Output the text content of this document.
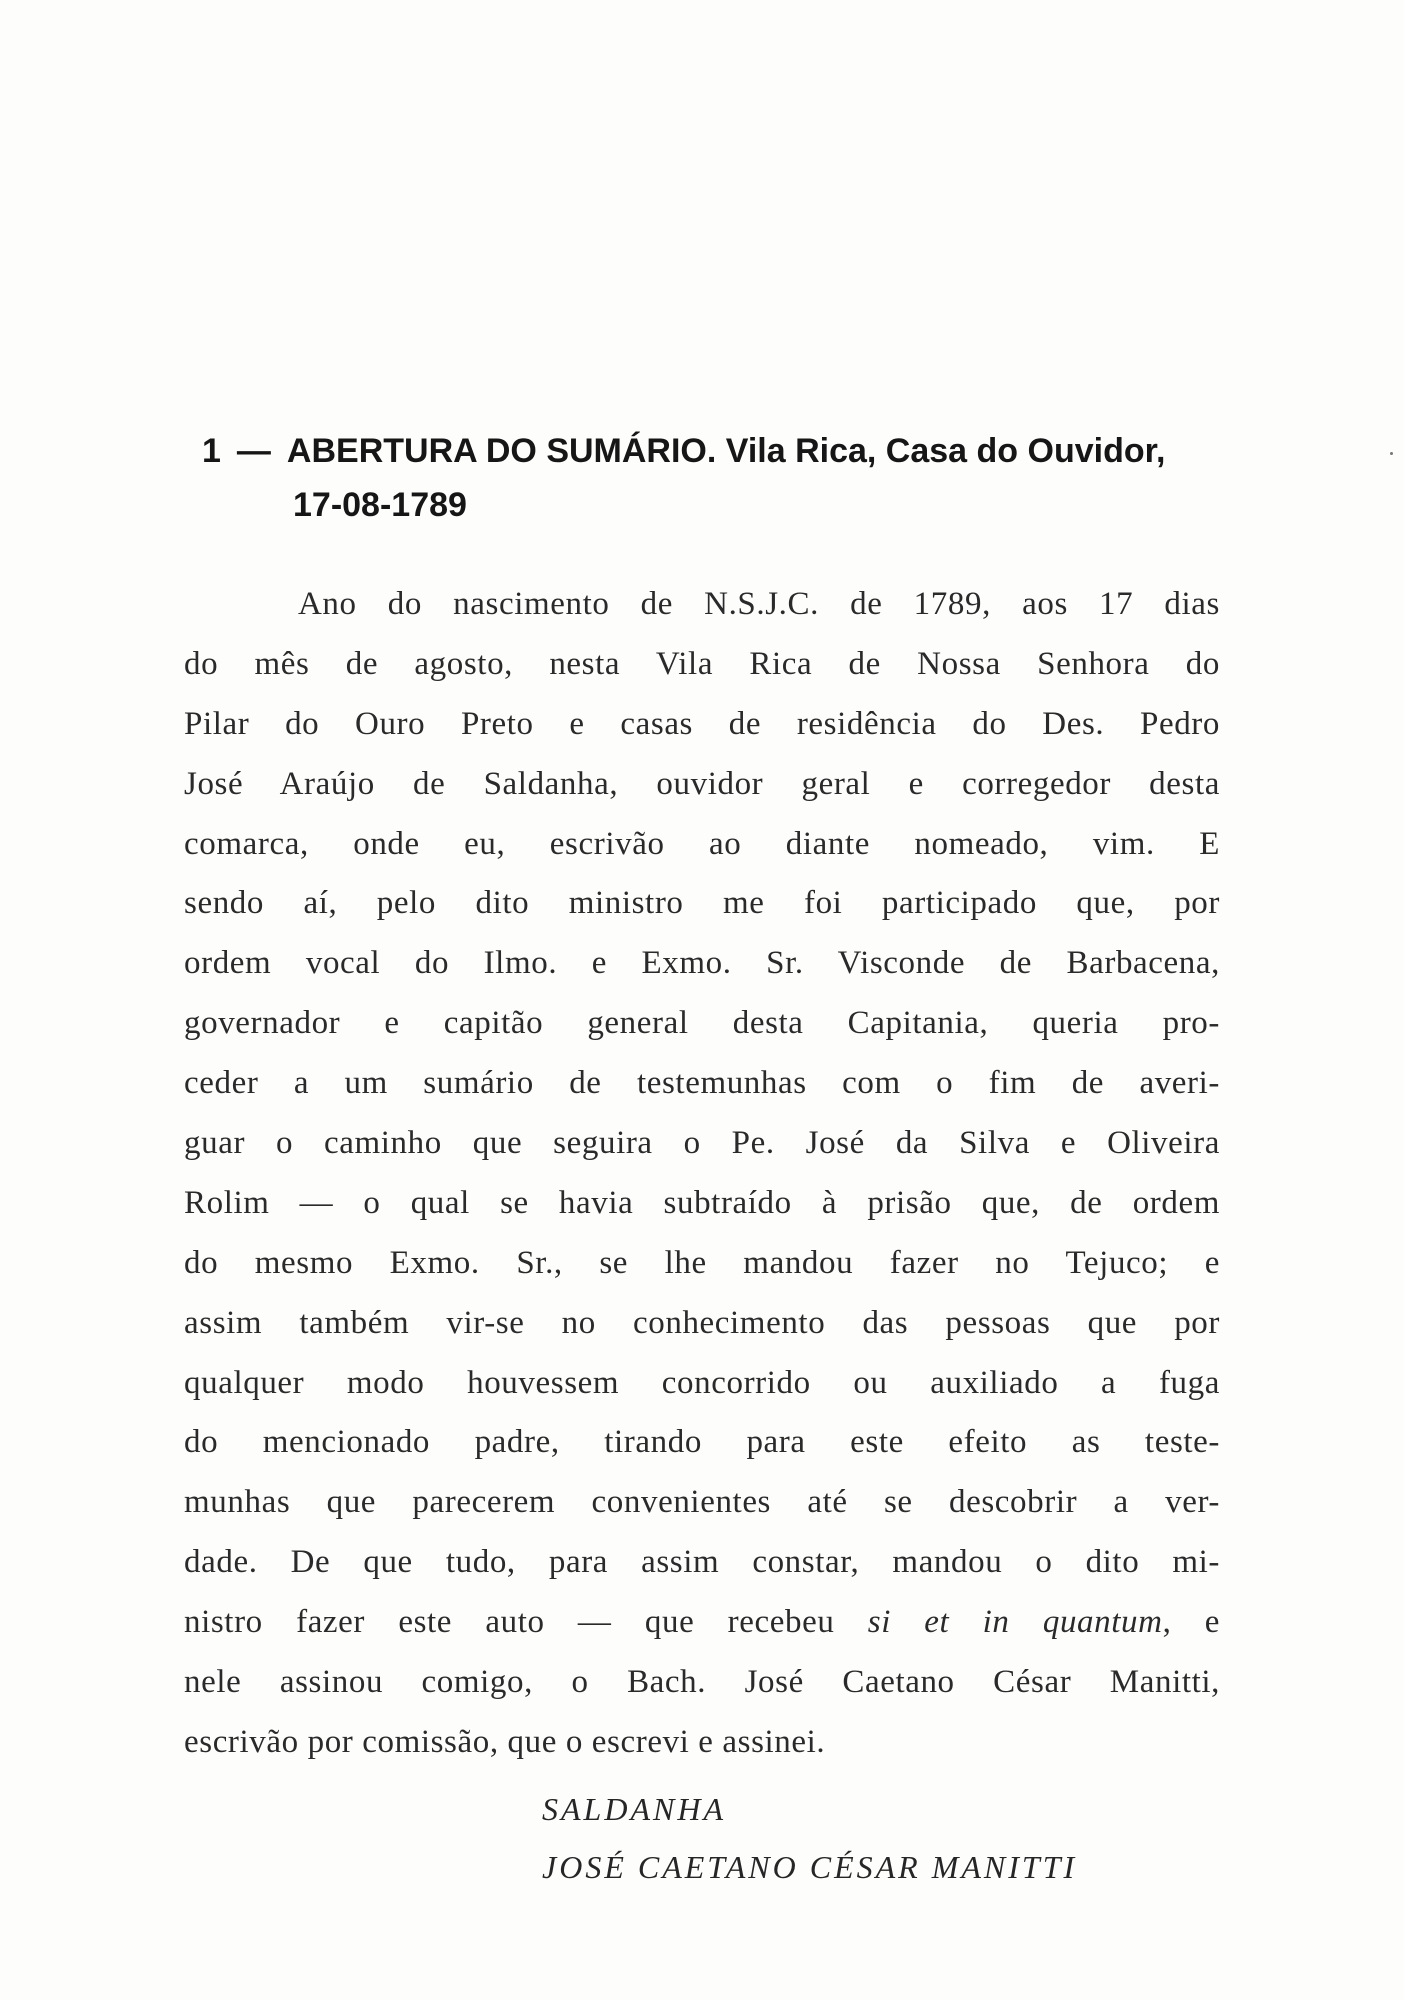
1 — ABERTURA DO SUMÁRIO. Vila Rica, Casa do Ouvidor,
17-08-1789
Ano do nascimento de N.S.J.C. de 1789, aos 17 dias
do mês de agosto, nesta Vila Rica de Nossa Senhora do
Pilar do Ouro Preto e casas de residência do Des. Pedro
José Araújo de Saldanha, ouvidor geral e corregedor desta
comarca, onde eu, escrivão ao diante nomeado, vim. E
sendo aí, pelo dito ministro me foi participado que, por
ordem vocal do Ilmo. e Exmo. Sr. Visconde de Barbacena,
governador e capitão general desta Capitania, queria pro-
ceder a um sumário de testemunhas com o fim de averi-
guar o caminho que seguira o Pe. José da Silva e Oliveira
Rolim — o qual se havia subtraído à prisão que, de ordem
do mesmo Exmo. Sr., se lhe mandou fazer no Tejuco; e
assim também vir-se no conhecimento das pessoas que por
qualquer modo houvessem concorrido ou auxiliado a fuga
do mencionado padre, tirando para este efeito as teste-
munhas que parecerem convenientes até se descobrir a ver-
dade. De que tudo, para assim constar, mandou o dito mi-
nistro fazer este auto — que recebeu si et in quantum, e
nele assinou comigo, o Bach. José Caetano César Manitti,
escrivão por comissão, que o escrevi e assinei.
SALDANHA
JOSÉ CAETANO CÉSAR MANITTI
